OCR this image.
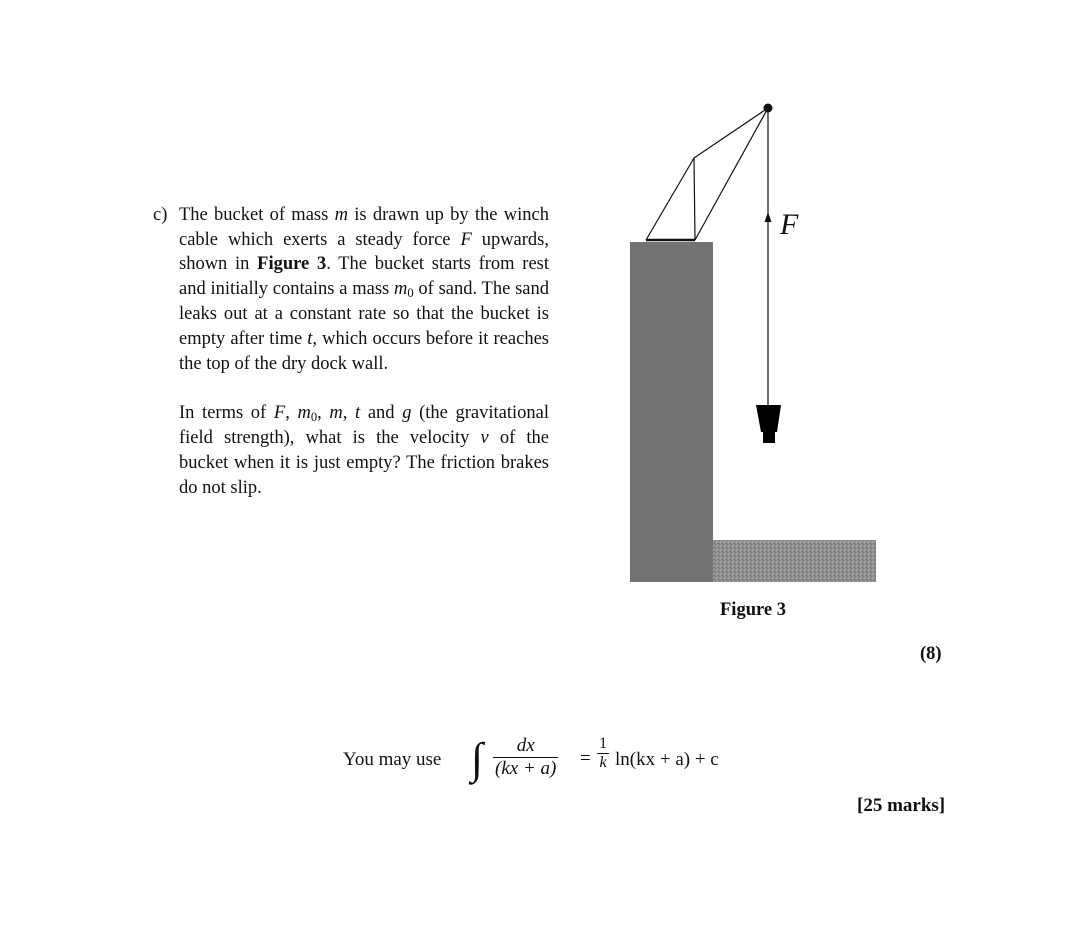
c) The bucket of mass m is drawn up by the winch cable which exerts a steady force F upwards, shown in Figure 3. The bucket starts from rest and initially contains a mass m0 of sand. The sand leaks out at a constant rate so that the bucket is empty after time t, which occurs before it reaches the top of the dry dock wall.

In terms of F, m0, m, t and g (the gravitational field strength), what is the velocity v of the bucket when it is just empty? The friction brakes do not slip.

F
Figure 3
(8)
You may use ∫ $\frac{dx}{(kx + a)} = \frac{1}{k} \ln(kx + a) + c$
[25 marks]
